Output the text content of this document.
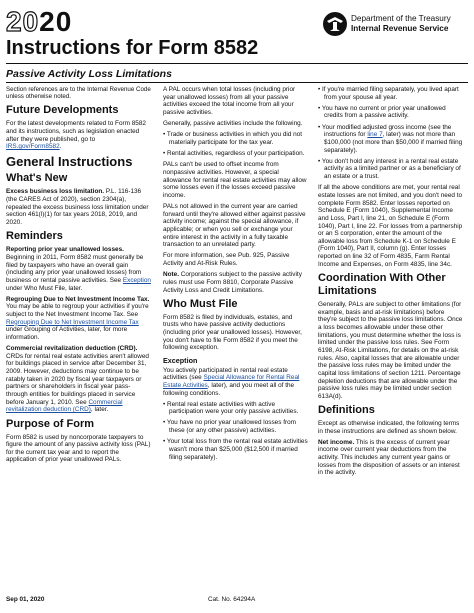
2020	Department of the Treasury
Internal Revenue Service
Instructions for Form 8582
Passive Activity Loss Limitations

Section references are to the Internal Revenue Code unless otherwise noted.

Future Developments

For the latest developments related to Form 8582 and its instructions, such as legislation enacted after they were published, go to IRS.gov/Form8582.

General Instructions
What's New

Excess business loss limitation. P.L. 116-136 (the CARES Act of 2020), section 2304(a), repealed the excess business loss limitation under section 461(l)(1) for tax years 2018, 2019, and 2020.

Reminders

Reporting prior year unallowed losses. Beginning in 2011, Form 8582 must generally be filed by taxpayers who have an overall gain (including any prior year unallowed losses) from business or rental passive activities. See Exception under Who Must File, later.

Regrouping Due to Net Investment Income Tax. You may be able to regroup your activities if you're subject to the Net Investment Income Tax. See Regrouping Due to Net Investment Income Tax under Grouping of Activities, later, for more information.

Commercial revitalization deduction (CRD). CRDs for rental real estate activities aren't allowed for buildings placed in service after December 31, 2009. However, deductions may continue to be ratably taken in 2020 by fiscal year taxpayers or partners or shareholders in fiscal year pass-through entities for buildings placed in service before January 1, 2010. See Commercial revitalization deduction (CRD), later.

Purpose of Form

Form 8582 is used by noncorporate taxpayers to figure the amount of any passive activity loss (PAL) for the current tax year and to report the application of prior year unallowed PALs.

A PAL occurs when total losses (including prior year unallowed losses) from all your passive activities exceed the total income from all your passive activities.

Generally, passive activities include the following.

• Trade or business activities in which you did not materially participate for the tax year.

• Rental activities, regardless of your participation.

PALs can't be used to offset income from nonpassive activities. However, a special allowance for rental real estate activities may allow some losses even if the losses exceed passive income.

PALs not allowed in the current year are carried forward until they're allowed either against passive activity income; against the special allowance, if applicable; or when you sell or exchange your entire interest in the activity in a fully taxable transaction to an unrelated party.

For more information, see Pub. 925, Passive Activity and At-Risk Rules.

Note. Corporations subject to the passive activity rules must use Form 8810, Corporate Passive Activity Loss and Credit Limitations.

Who Must File

Form 8582 is filed by individuals, estates, and trusts who have passive activity deductions (including prior year unallowed losses). However, you don't have to file Form 8582 if you meet the following exception.

Exception

You actively participated in rental real estate activities (see Special Allowance for Rental Real Estate Activities, later), and you meet all of the following conditions.

• Rental real estate activities with active participation were your only passive activities.

• You have no prior year unallowed losses from these (or any other passive) activities.

• Your total loss from the rental real estate activities wasn't more than $25,000 ($12,500 if married filing separately).

• If you're married filing separately, you lived apart from your spouse all year.

• You have no current or prior year unallowed credits from a passive activity.

• Your modified adjusted gross income (see the instructions for line 7, later) was not more than $100,000 (not more than $50,000 if married filing separately).

• You don't hold any interest in a rental real estate activity as a limited partner or as a beneficiary of an estate or a trust.

If all the above conditions are met, your rental real estate losses are not limited, and you don't need to complete Form 8582. Enter losses reported on Schedule E (Form 1040), Supplemental Income and Loss, Part I, line 21, on Schedule E (Form 1040), Part I, line 22. For losses from a partnership or an S corporation, enter the amount of the allowable loss from Schedule K-1 on Schedule E (Form 1040), Part II, column (g). Enter losses reported on line 32 of Form 4835, Farm Rental Income and Expenses, on Form 4835, line 34c.

Coordination With Other Limitations

Generally, PALs are subject to other limitations (for example, basis and at-risk limitations) before they're subject to the passive loss limitations. Once a loss becomes allowable under these other limitations, you must determine whether the loss is limited under the passive loss rules. See Form 6198, At-Risk Limitations, for details on the at-risk rules. Also, capital losses that are allowable under the passive loss rules may be limited under the capital loss limitations of section 1211. Percentage depletion deductions that are allowable under the passive loss rules may be limited under section 613A(d).

Definitions

Except as otherwise indicated, the following terms in these instructions are defined as shown below.

Net income. This is the excess of current year income over current year deductions from the activity. This includes any current year gains or losses from the disposition of assets or an interest in the activity.

Sep 01, 2020	Cat. No. 64294A
